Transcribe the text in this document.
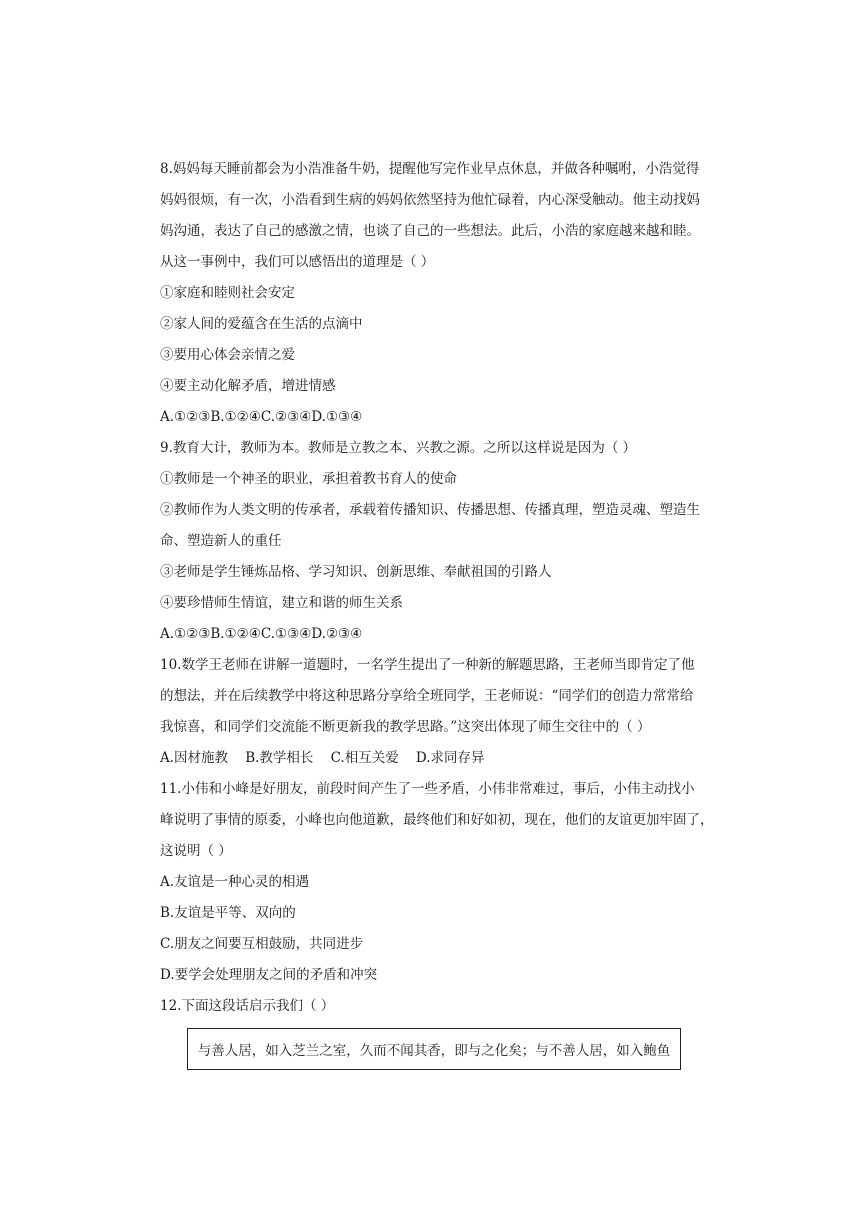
8.妈妈每天睡前都会为小浩准备牛奶，提醒他写完作业早点休息，并做各种嘱咐，小浩觉得
妈妈很烦，有一次，小浩看到生病的妈妈依然坚持为他忙碌着，内心深受触动。他主动找妈
妈沟通，表达了自己的感激之情，也谈了自己的一些想法。此后，小浩的家庭越来越和睦。
从这一事例中，我们可以感悟出的道理是（ ）
①家庭和睦则社会安定
②家人间的爱蕴含在生活的点滴中
③要用心体会亲情之爱
④要主动化解矛盾，增进情感
A.①②③B.①②④C.②③④D.①③④
9.教育大计，教师为本。教师是立教之本、兴教之源。之所以这样说是因为（ ）
①教师是一个神圣的职业，承担着教书育人的使命
②教师作为人类文明的传承者，承载着传播知识、传播思想、传播真理，塑造灵魂、塑造生
命、塑造新人的重任
③老师是学生锤炼品格、学习知识、创新思维、奉献祖国的引路人
④要珍惜师生情谊，建立和谐的师生关系
A.①②③B.①②④C.①③④D.②③④
10.数学王老师在讲解一道题时，一名学生提出了一种新的解题思路，王老师当即肯定了他
的想法，并在后续教学中将这种思路分享给全班同学，王老师说：“同学们的创造力常常给
我惊喜，和同学们交流能不断更新我的教学思路。”这突出体现了师生交往中的（ ）
A.因材施教    B.教学相长    C.相互关爱    D.求同存异
11.小伟和小峰是好朋友，前段时间产生了一些矛盾，小伟非常难过，事后，小伟主动找小
峰说明了事情的原委，小峰也向他道歉，最终他们和好如初，现在，他们的友谊更加牢固了，
这说明（ ）
A.友谊是一种心灵的相遇
B.友谊是平等、双向的
C.朋友之间要互相鼓励，共同进步
D.要学会处理朋友之间的矛盾和冲突
12.下面这段话启示我们（ ）
与善人居，如入芝兰之室，久而不闻其香，即与之化矣；与不善人居，如入鲍鱼
